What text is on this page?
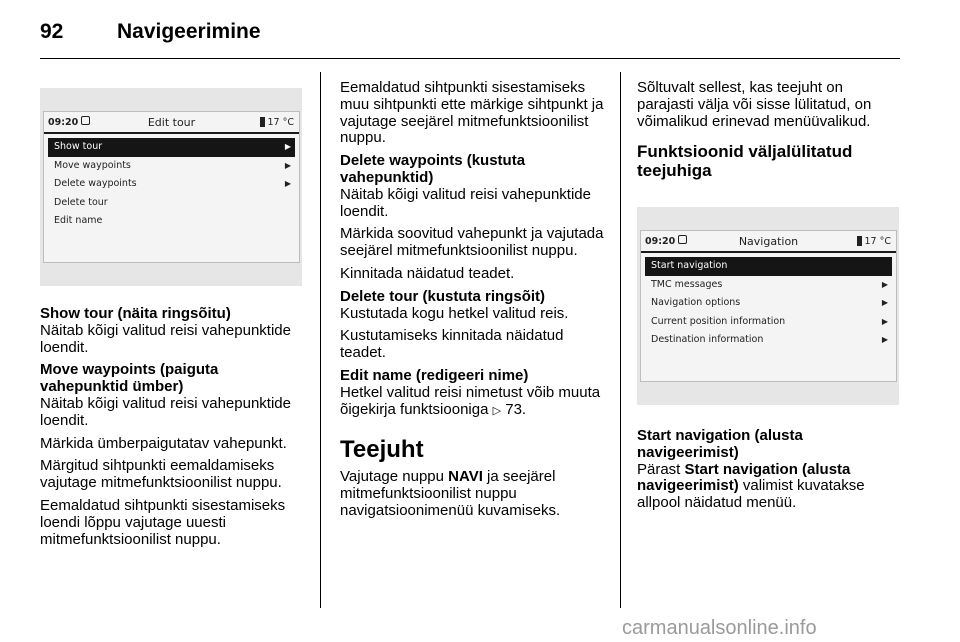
92	Navigeerimine
09:20	Edit tour	17 °C
Show tour	▶
Move waypoints	▶
Delete waypoints	▶
Delete tour
Edit name

Show tour (näita ringsõitu)

Näitab kõigi valitud reisi vahepunktide loendit.

Move waypoints (paiguta vahepunktid ümber)

Näitab kõigi valitud reisi vahepunktide loendit.

Märkida ümberpaigutatav vahepunkt.

Märgitud sihtpunkti eemaldamiseks vajutage mitmefunktsioonilist nuppu.

Eemaldatud sihtpunkti sisestamiseks loendi lõppu vajutage uuesti mitmefunktsioonilist nuppu.

Eemaldatud sihtpunkti sisestamiseks muu sihtpunkti ette märkige sihtpunkt ja vajutage seejärel mitmefunktsioonilist nuppu.

Delete waypoints (kustuta vahepunktid)

Näitab kõigi valitud reisi vahepunktide loendit.

Märkida soovitud vahepunkt ja vajutada seejärel mitmefunktsioonilist nuppu.

Kinnitada näidatud teadet.

Delete tour (kustuta ringsõit)

Kustutada kogu hetkel valitud reis.

Kustutamiseks kinnitada näidatud teadet.

Edit name (redigeeri nime)

Hetkel valitud reisi nimetust võib muuta õigekirja funktsiooniga ▷ 73.

Teejuht

Vajutage nuppu NAVI ja seejärel mitmefunktsioonilist nuppu navigatsioonimenüü kuvamiseks.

Sõltuvalt sellest, kas teejuht on parajasti välja või sisse lülitatud, on võimalikud erinevad menüüvalikud.

Funktsioonid väljalülitatud teejuhiga

09:20	Navigation	17 °C
Start navigation
TMC messages	▶
Navigation options	▶
Current position information	▶
Destination information	▶

Start navigation (alusta navigeerimist)

Pärast Start navigation (alusta navigeerimist) valimist kuvatakse allpool näidatud menüü.

carmanualsonline.info
